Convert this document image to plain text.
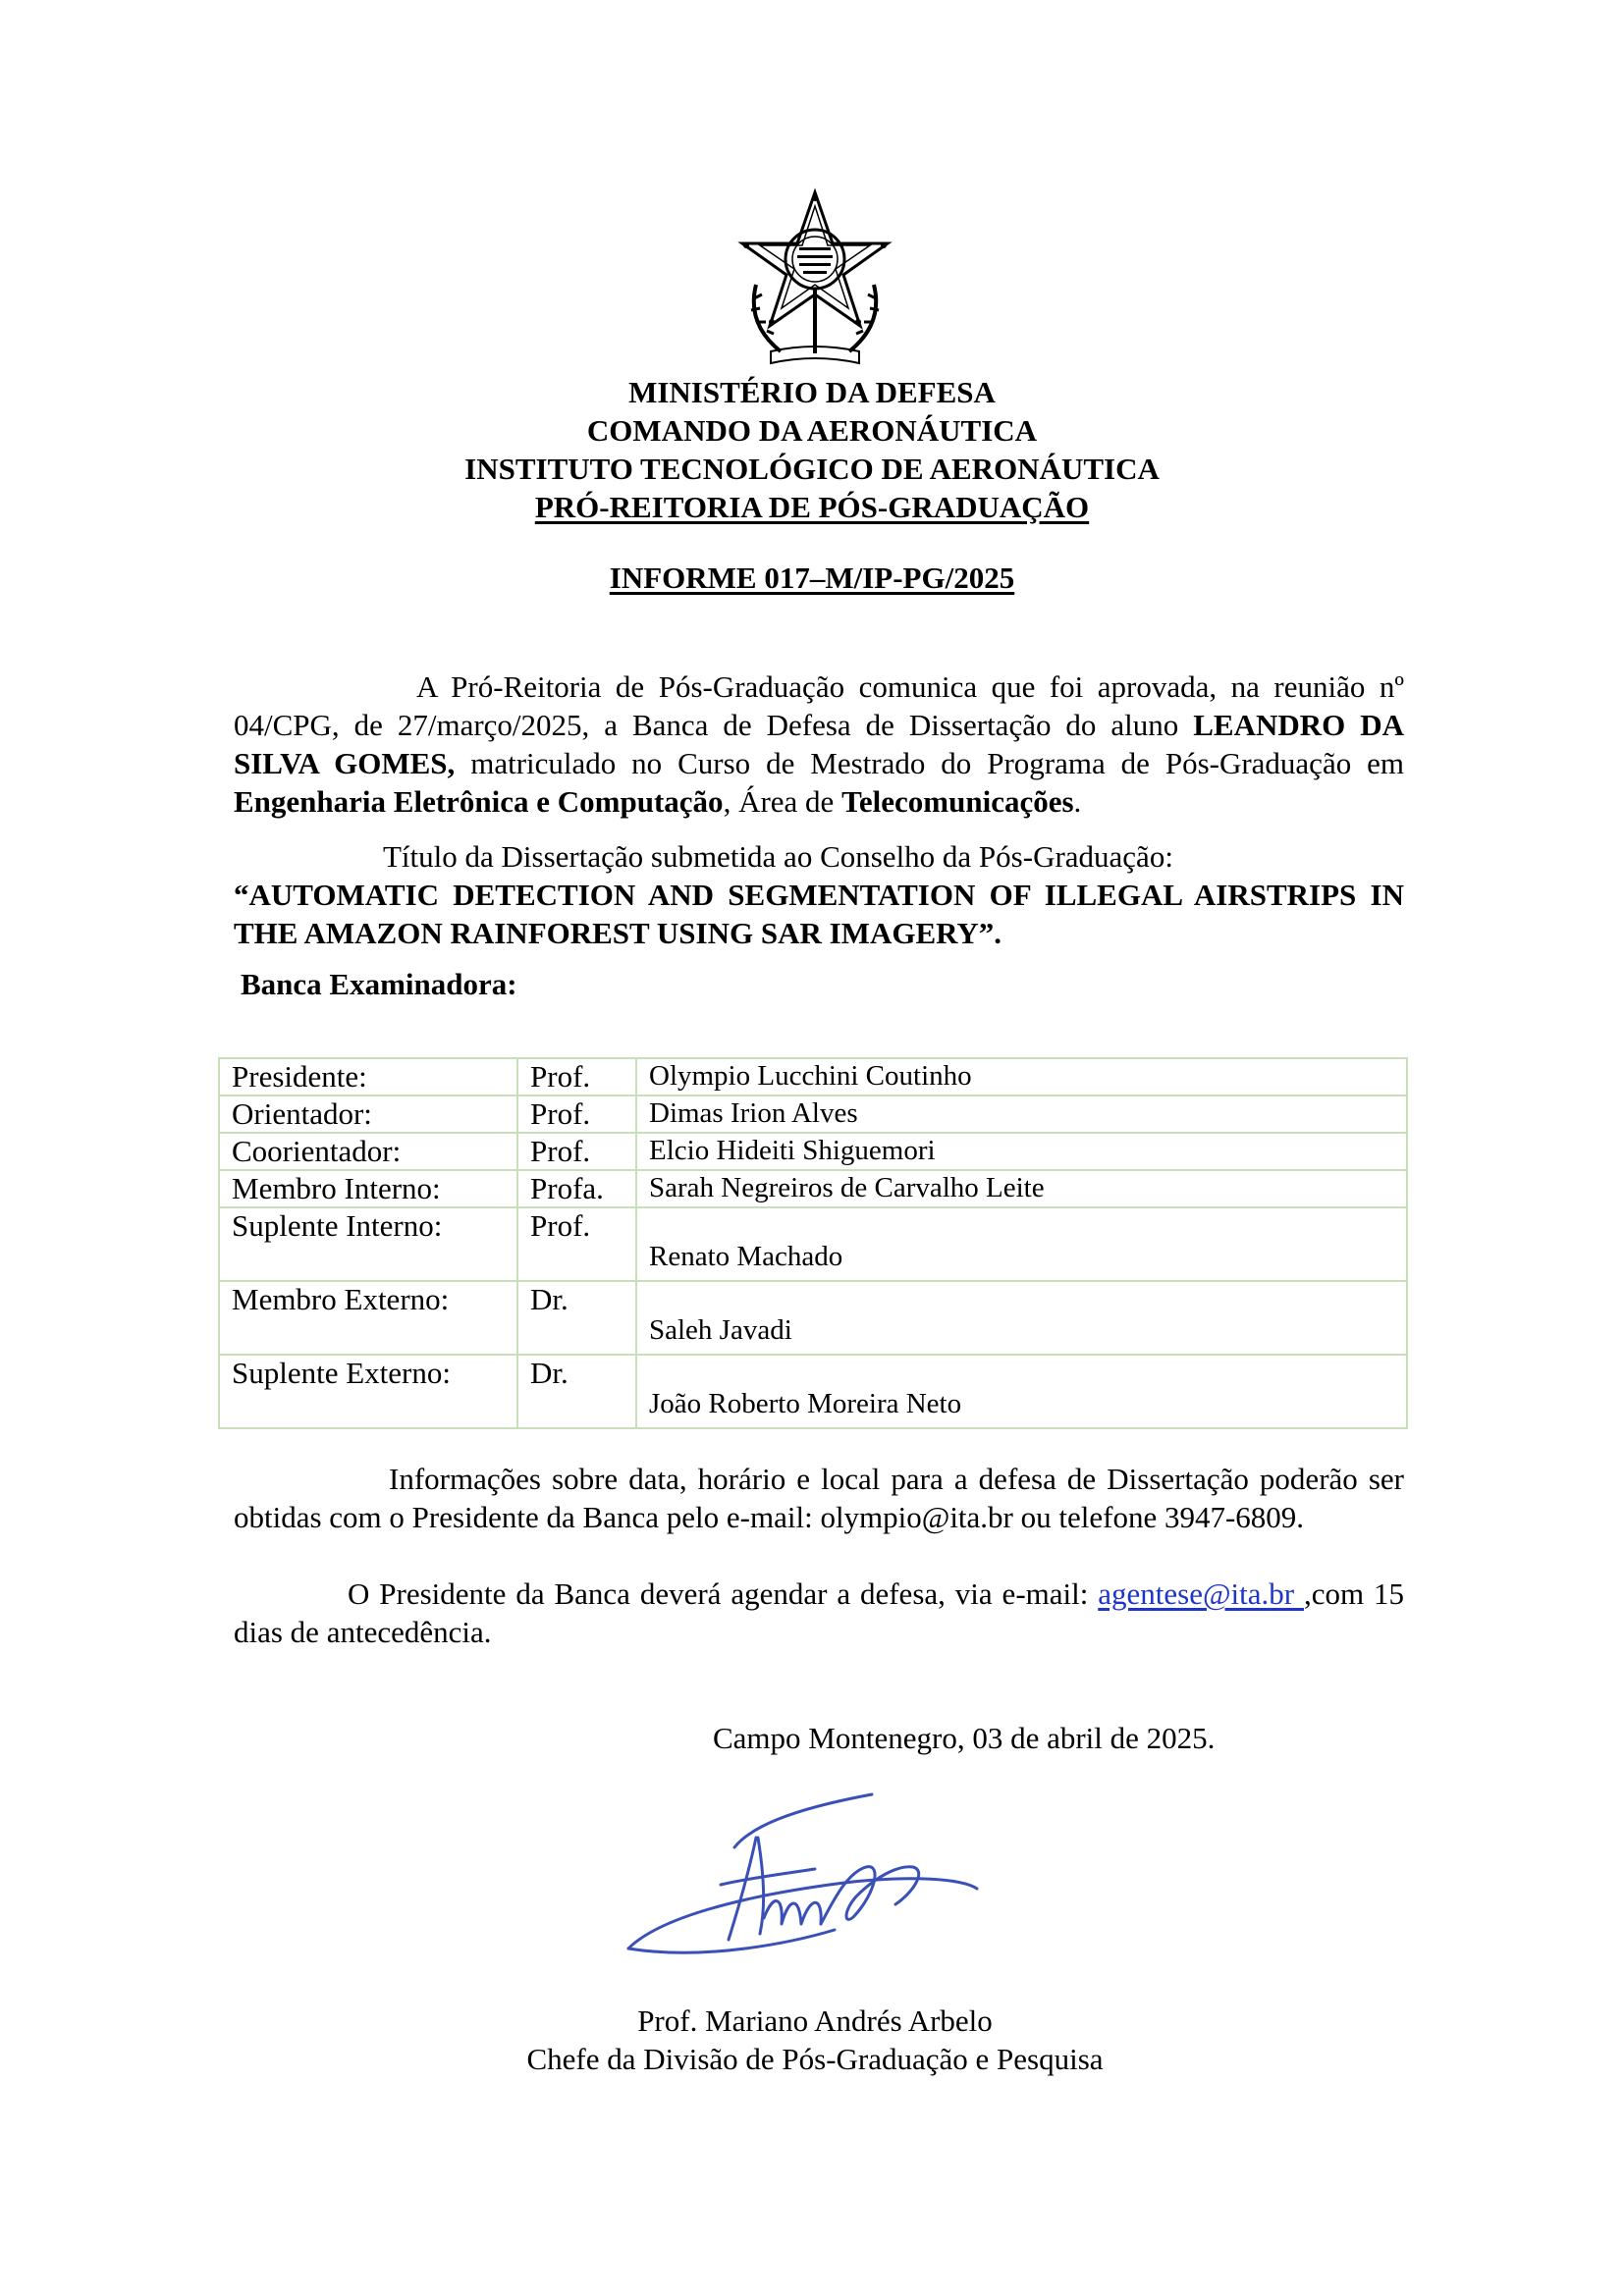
MINISTÉRIO DA DEFESA
COMANDO DA AERONÁUTICA
INSTITUTO TECNOLÓGICO DE AERONÁUTICA
PRÓ-REITORIA DE PÓS-GRADUAÇÃO
INFORME 017–M/IP-PG/2025
A Pró-Reitoria de Pós-Graduação comunica que foi aprovada, na reunião nº 04/CPG, de 27/março/2025, a Banca de Defesa de Dissertação do aluno LEANDRO DA SILVA GOMES, matriculado no Curso de Mestrado do Programa de Pós-Graduação em Engenharia Eletrônica e Computação, Área de Telecomunicações.
Título da Dissertação submetida ao Conselho da Pós-Graduação:
“AUTOMATIC DETECTION AND SEGMENTATION OF ILLEGAL AIRSTRIPS IN THE AMAZON RAINFOREST USING SAR IMAGERY”.
Banca Examinadora:
Presidente:	Prof.	Olympio Lucchini Coutinho
Orientador:	Prof.	Dimas Irion Alves
Coorientador:	Prof.	Elcio Hideiti Shiguemori
Membro Interno:	Profa.	Sarah Negreiros de Carvalho Leite
Suplente Interno:	Prof.	Renato Machado
Membro Externo:	Dr.	Saleh Javadi
Suplente Externo:	Dr.	João Roberto Moreira Neto
Informações sobre data, horário e local para a defesa de Dissertação poderão ser obtidas com o Presidente da Banca pelo e-mail: olympio@ita.br ou telefone 3947-6809.
O Presidente da Banca deverá agendar a defesa, via e-mail: agentese@ita.br ,com 15 dias de antecedência.
Campo Montenegro, 03 de abril de 2025.
Prof. Mariano Andrés Arbelo
Chefe da Divisão de Pós-Graduação e Pesquisa
